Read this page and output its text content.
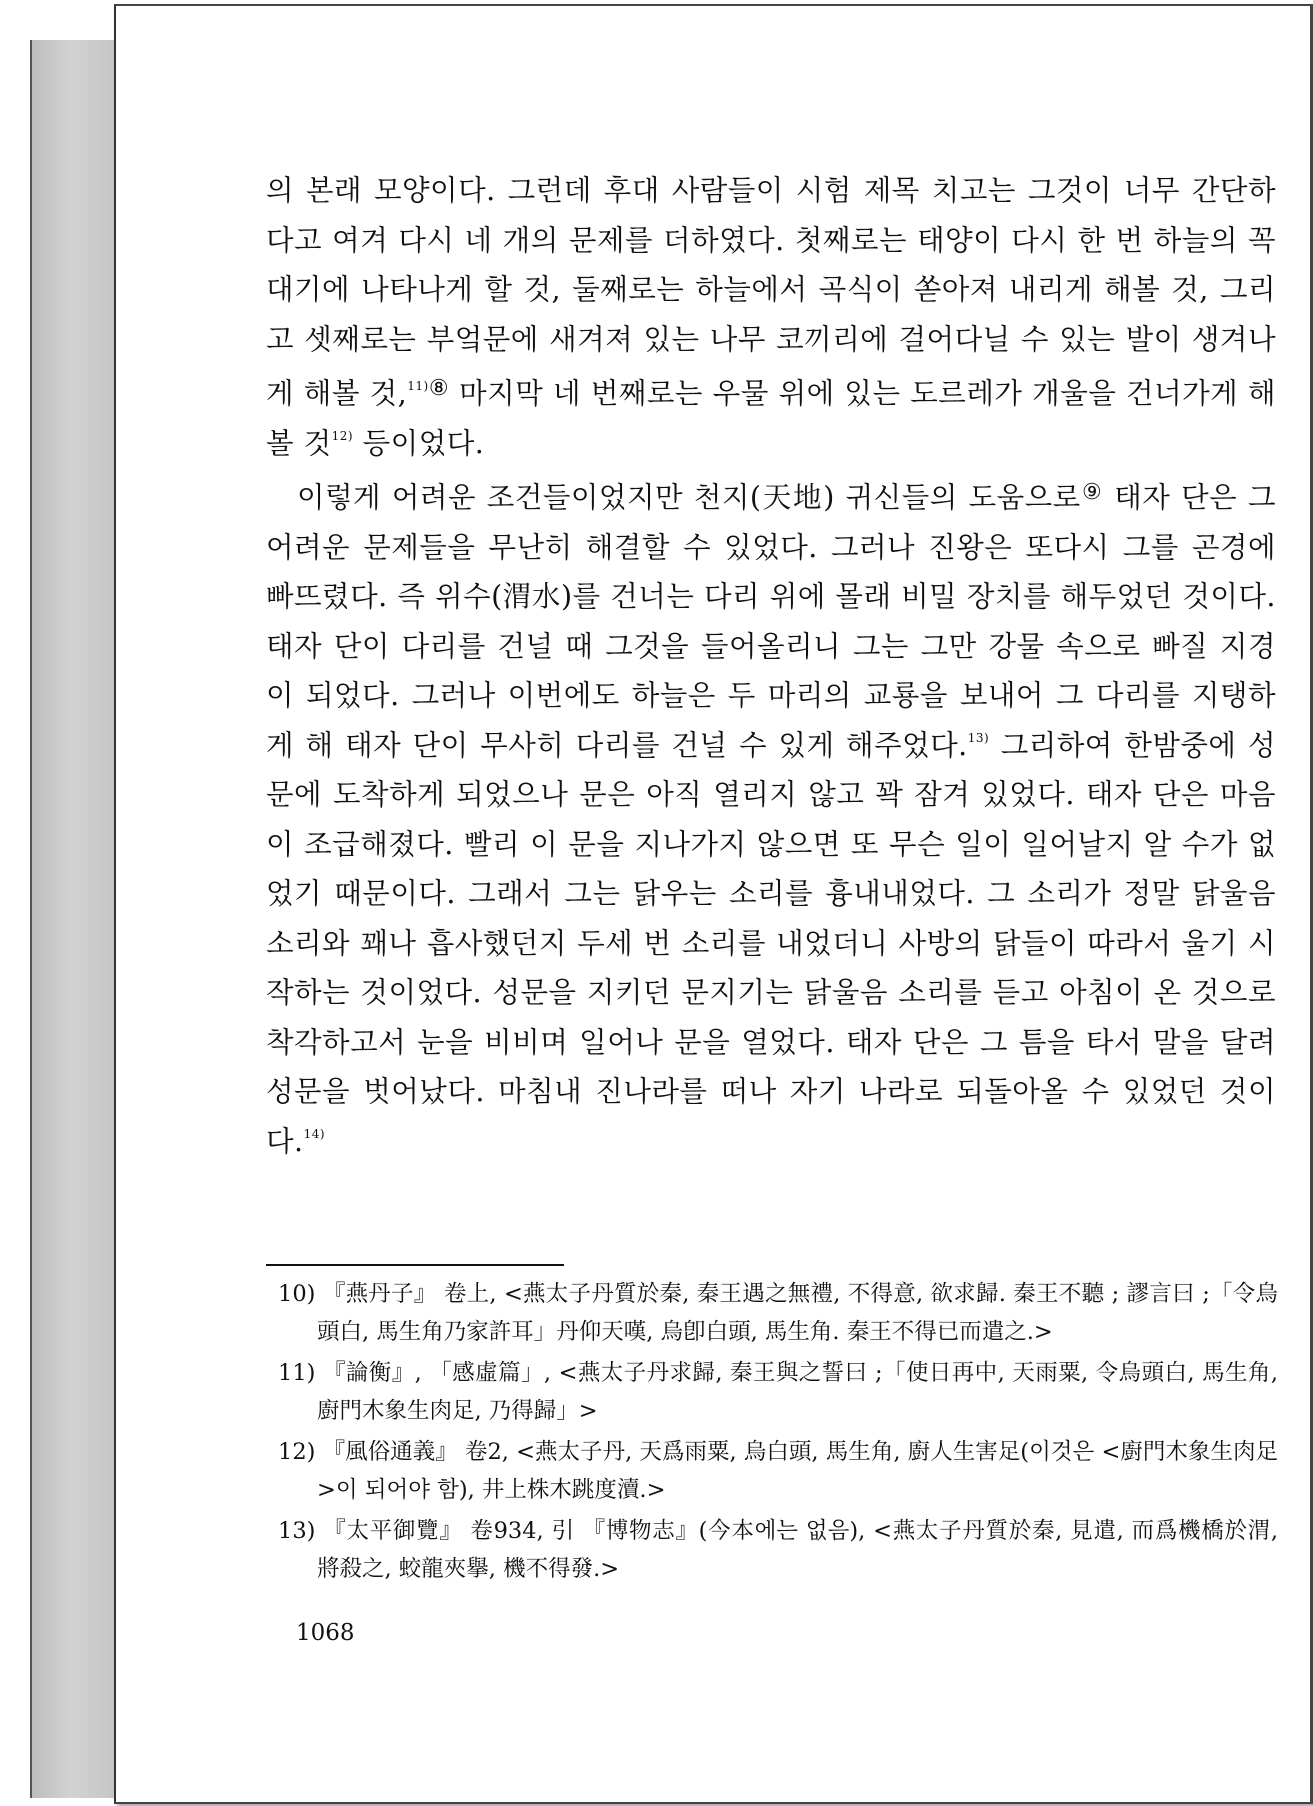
의 본래 모양이다. 그런데 후대 사람들이 시험 제목 치고는 그것이 너무 간단하다고 여겨 다시 네 개의 문제를 더하였다. 첫째로는 태양이 다시 한 번 하늘의 꼭대기에 나타나게 할 것, 둘째로는 하늘에서 곡식이 쏟아져 내리게 해볼 것, 그리고 셋째로는 부엌문에 새겨져 있는 나무 코끼리에 걸어다닐 수 있는 발이 생겨나게 해볼 것,$^{11)⑧}$ 마지막 네 번째로는 우물 위에 있는 도르레가 개울을 건너가게 해볼 것$^{12)}$ 등이었다.

이렇게 어려운 조건들이었지만 천지(天地) 귀신들의 도움으로⑨ 태자 단은 그 어려운 문제들을 무난히 해결할 수 있었다. 그러나 진왕은 또다시 그를 곤경에 빠뜨렸다. 즉 위수(渭水)를 건너는 다리 위에 몰래 비밀 장치를 해두었던 것이다. 태자 단이 다리를 건널 때 그것을 들어올리니 그는 그만 강물 속으로 빠질 지경이 되었다. 그러나 이번에도 하늘은 두 마리의 교룡을 보내어 그 다리를 지탱하게 해 태자 단이 무사히 다리를 건널 수 있게 해주었다.$^{13)}$ 그리하여 한밤중에 성문에 도착하게 되었으나 문은 아직 열리지 않고 꽉 잠겨 있었다. 태자 단은 마음이 조급해졌다. 빨리 이 문을 지나가지 않으면 또 무슨 일이 일어날지 알 수가 없었기 때문이다. 그래서 그는 닭우는 소리를 흉내내었다. 그 소리가 정말 닭울음 소리와 꽤나 흡사했던지 두세 번 소리를 내었더니 사방의 닭들이 따라서 울기 시작하는 것이었다. 성문을 지키던 문지기는 닭울음 소리를 듣고 아침이 온 것으로 착각하고서 눈을 비비며 일어나 문을 열었다. 태자 단은 그 틈을 타서 말을 달려 성문을 벗어났다. 마침내 진나라를 떠나 자기 나라로 되돌아올 수 있었던 것이다.$^{14)}$

10) 『燕丹子』 卷上, <燕太子丹質於秦, 秦王遇之無禮, 不得意, 欲求歸. 秦王不聽 ; 謬言曰 ;「令烏頭白, 馬生角乃家許耳」丹仰天嘆, 烏卽白頭, 馬生角. 秦王不得已而遣之.>

11) 『論衡』, 「感虛篇」, <燕太子丹求歸, 秦王與之誓曰 ;「使日再中, 天雨粟, 令烏頭白, 馬生角, 廚門木象生肉足, 乃得歸」>

12) 『風俗通義』 卷2, <燕太子丹, 天爲雨粟, 烏白頭, 馬生角, 廚人生害足(이것은 <廚門木象生肉足>이 되어야 함), 井上株木跳度瀆.>

13) 『太平御覽』 卷934, 引 『博物志』(今本에는 없음), <燕太子丹質於秦, 見遣, 而爲機橋於渭, 將殺之, 蛟龍夾擧, 機不得發.>

1068
